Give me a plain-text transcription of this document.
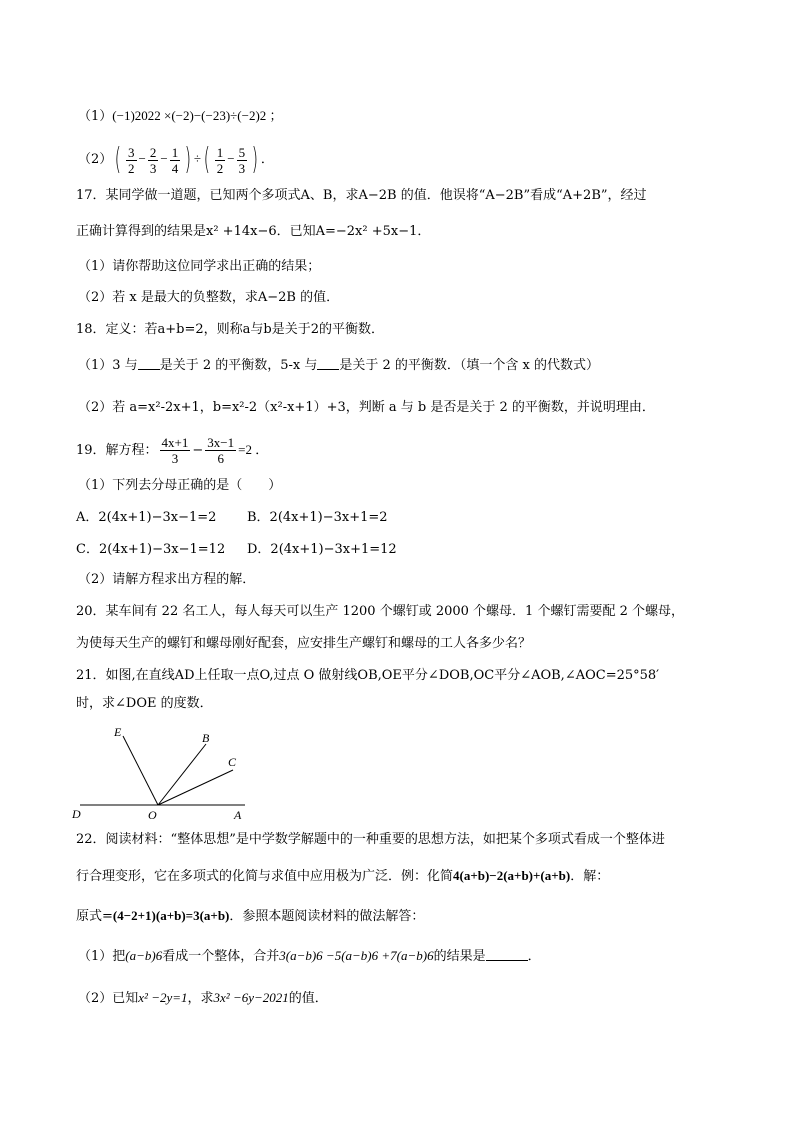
（1）(−1)2022 ×(−2)−(−23)÷(−2)2 ；
$(2)( \frac{3}{2} - \frac{2}{3} - \frac{1}{4}$ ) ÷( $\frac{1}{2} - \frac{5}{3}$ ) ．
17．某同学做一道题，已知两个多项式A、B，求A−2B 的值．他误将“A−2B”看成“A+2B”，经过
正确计算得到的结果是x² +14x−6．已知A=−2x² +5x−1．
（1）请你帮助这位同学求出正确的结果；
（2）若 x 是最大的负整数，求A−2B 的值．
18．定义：若a+b=2，则称a与b是关于2的平衡数．
（1）3 与 是关于 2 的平衡数，5-x 与 是关于 2 的平衡数．（填一个含 x 的代数式）
（2）若 a=x²-2x+1，b=x²-2（x²-x+1）+3，判断 a 与 b 是否是关于 2 的平衡数，并说明理由．
19．解方程： $\frac{4x+1}{3} - \frac{3x-1}{6} =2$ ．
（1）下列去分母正确的是（　　）
A．2(4x+1)−3x−1=2 B．2(4x+1)−3x+1=2
C．2(4x+1)−3x−1=12 D．2(4x+1)−3x+1=12
（2）请解方程求出方程的解．
20．某车间有 22 名工人，每人每天可以生产 1200 个螺钉或 2000 个螺母．1 个螺钉需要配 2 个螺母，
为使每天生产的螺钉和螺母刚好配套，应安排生产螺钉和螺母的工人各多少名？
21．如图,在直线AD上任取一点O,过点 O 做射线OB,OE平分∠DOB,OC平分∠AOB,∠AOC=25°58′
时，求∠DOE 的度数．
E	B
C
D	O	A
22．阅读材料：“整体思想”是中学数学解题中的一种重要的思想方法，如把某个多项式看成一个整体进
行合理变形，它在多项式的化简与求值中应用极为广泛．例：化简4(a+b)−2(a+b)+(a+b)．解：
原式=(4−2+1)(a+b)=3(a+b)．参照本题阅读材料的做法解答：
（1）把(a−b)6看成一个整体，合并3(a−b)6 −5(a−b)6 +7(a−b)6的结果是	．
（2）已知x² −2y=1，求3x² −6y−2021的值．
